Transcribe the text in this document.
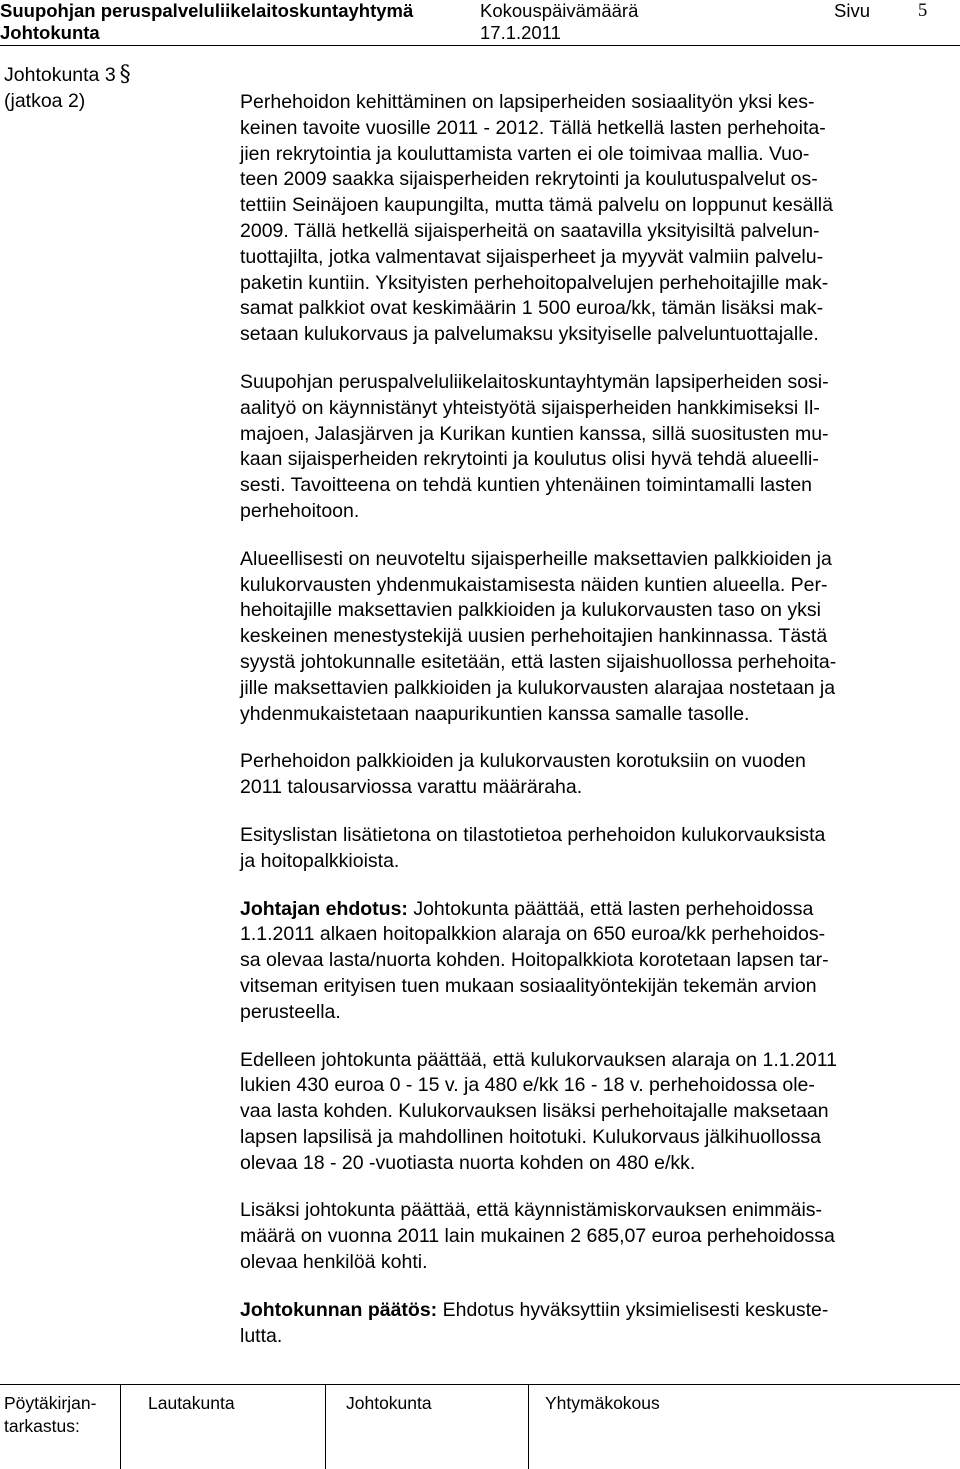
Suupohjan peruspalveluliikelaitoskuntayhtymä
Johtokunta
Kokouspäivämäärä
17.1.2011
Sivu	5
Johtokunta 3 §
(jatkoa 2)	Perhehoidon kehittäminen on lapsiperheiden sosiaalityön yksi kes-
keinen tavoite vuosille 2011 - 2012. Tällä hetkellä lasten perhehoita-
jien rekrytointia ja kouluttamista varten ei ole toimivaa mallia. Vuo-
teen 2009 saakka sijaisperheiden rekrytointi ja koulutuspalvelut os-
tettiin Seinäjoen kaupungilta, mutta tämä palvelu on loppunut kesällä
2009. Tällä hetkellä sijaisperheitä on saatavilla yksityisiltä palvelun-
tuottajilta, jotka valmentavat sijaisperheet ja myyvät valmiin palvelu-
paketin kuntiin. Yksityisten perhehoitopalvelujen perhehoitajille mak-
samat palkkiot ovat keskimäärin 1 500 euroa/kk, tämän lisäksi mak-
setaan kulukorvaus ja palvelumaksu yksityiselle palveluntuottajalle.

Suupohjan peruspalveluliikelaitoskuntayhtymän lapsiperheiden sosi-
aalityö on käynnistänyt yhteistyötä sijaisperheiden hankkimiseksi Il-
majoen, Jalasjärven ja Kurikan kuntien kanssa, sillä suositusten mu-
kaan sijaisperheiden rekrytointi ja koulutus olisi hyvä tehdä alueelli-
sesti. Tavoitteena on tehdä kuntien yhtenäinen toimintamalli lasten
perhehoitoon.

Alueellisesti on neuvoteltu sijaisperheille maksettavien palkkioiden ja
kulukorvausten yhdenmukaistamisesta näiden kuntien alueella. Per-
hehoitajille maksettavien palkkioiden ja kulukorvausten taso on yksi
keskeinen menestystekijä uusien perhehoitajien hankinnassa. Tästä
syystä johtokunnalle esitetään, että lasten sijaishuollossa perhehoita-
jille maksettavien palkkioiden ja kulukorvausten alarajaa nostetaan ja
yhdenmukaistetaan naapurikuntien kanssa samalle tasolle.

Perhehoidon palkkioiden ja kulukorvausten korotuksiin on vuoden
2011 talousarviossa varattu määräraha.

Esityslistan lisätietona on tilastotietoa perhehoidon kulukorvauksista
ja hoitopalkkioista.

Johtajan ehdotus: Johtokunta päättää, että lasten perhehoidossa
1.1.2011 alkaen hoitopalkkion alaraja on 650 euroa/kk perhehoidos-
sa olevaa lasta/nuorta kohden. Hoitopalkkiota korotetaan lapsen tar-
vitseman erityisen tuen mukaan sosiaalityöntekijän tekemän arvion
perusteella.

Edelleen johtokunta päättää, että kulukorvauksen alaraja on 1.1.2011
lukien 430 euroa 0 - 15 v. ja 480 e/kk 16 - 18 v. perhehoidossa ole-
vaa lasta kohden. Kulukorvauksen lisäksi perhehoitajalle maksetaan
lapsen lapsilisä ja mahdollinen hoitotuki. Kulukorvaus jälkihuollossa
olevaa 18 - 20 -vuotiasta nuorta kohden on 480 e/kk.

Lisäksi johtokunta päättää, että käynnistämiskorvauksen enimmäis-
määrä on vuonna 2011 lain mukainen 2 685,07 euroa perhehoidossa
olevaa henkilöä kohti.

Johtokunnan päätös: Ehdotus hyväksyttiin yksimielisesti keskuste-
lutta.

Pöytäkirjan-
tarkastus:
Lautakunta	Johtokunta	Yhtymäkokous
